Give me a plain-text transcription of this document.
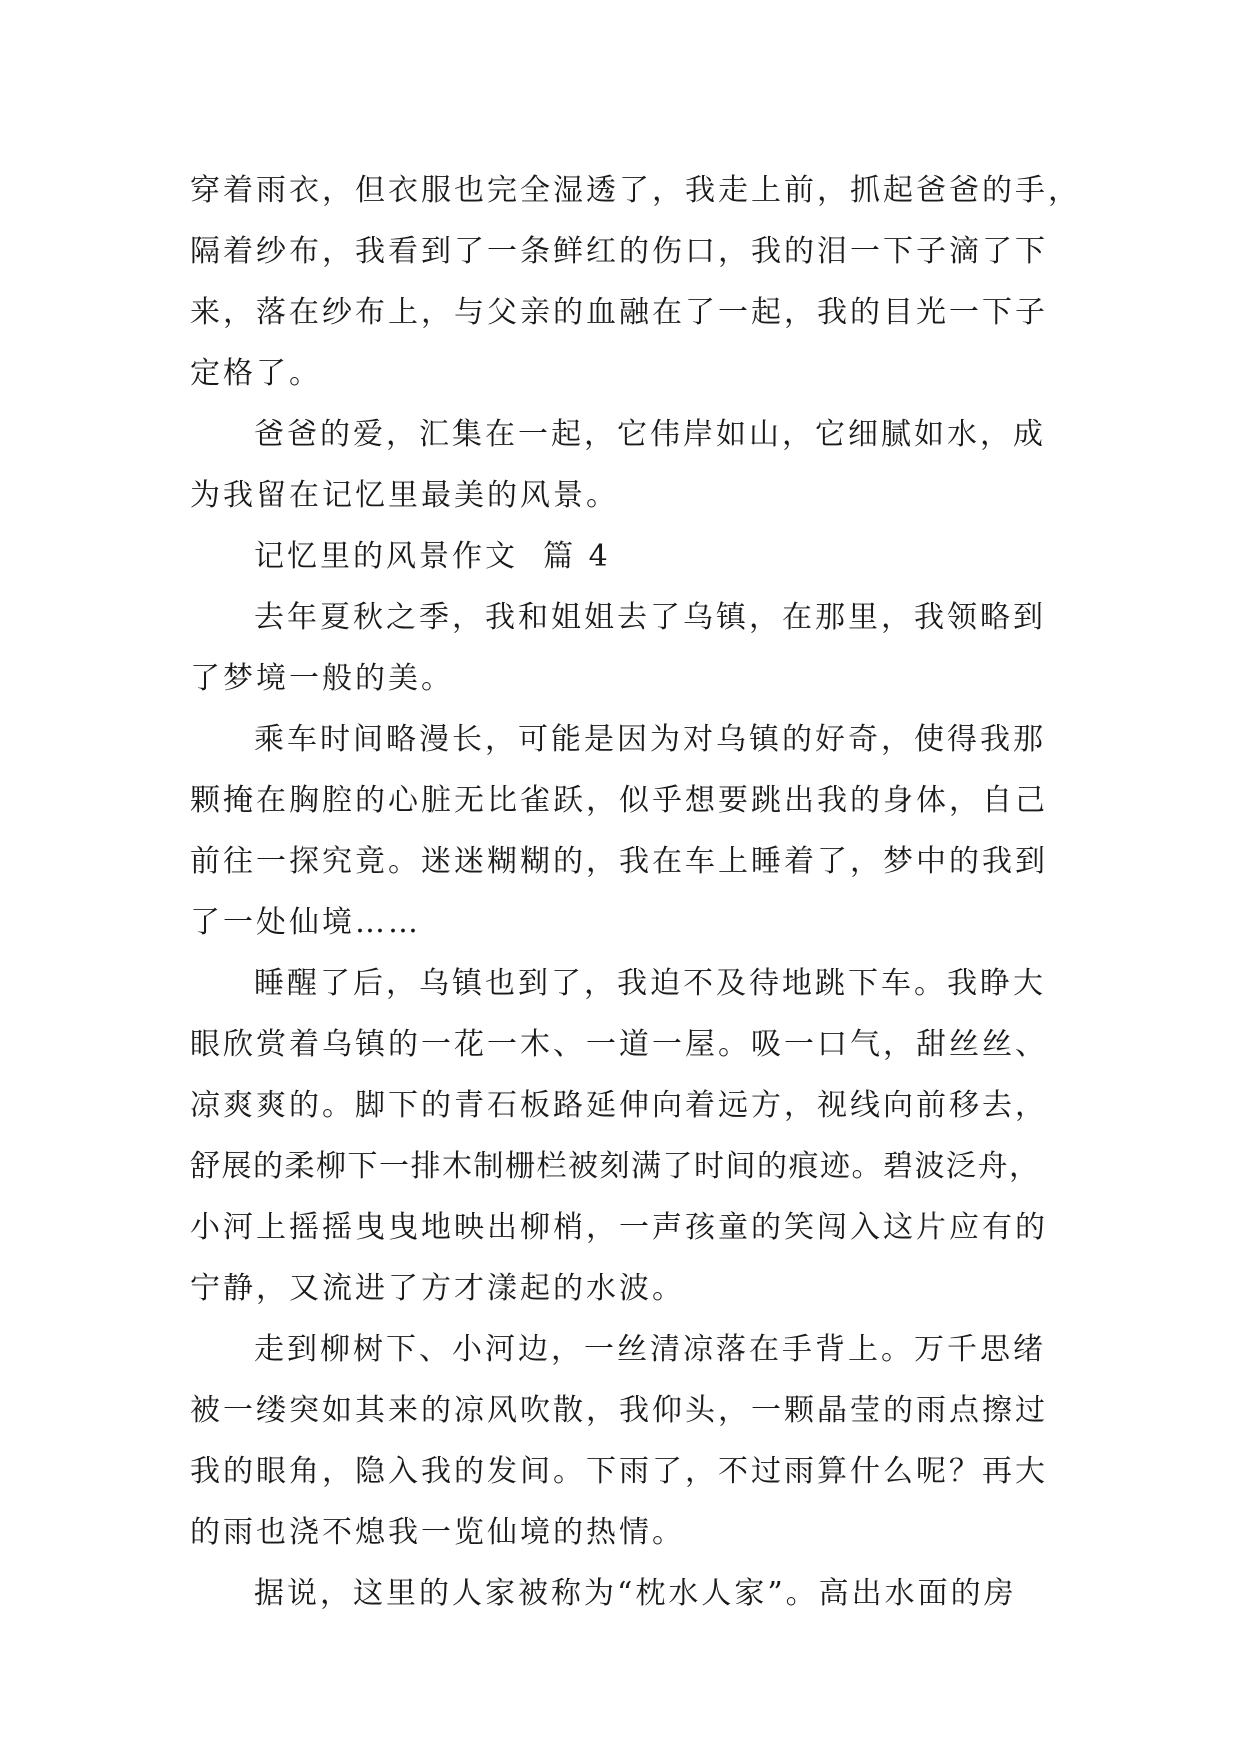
穿着雨衣，但衣服也完全湿透了，我走上前，抓起爸爸的手，
隔着纱布，我看到了一条鲜红的伤口，我的泪一下子滴了下
来，落在纱布上，与父亲的血融在了一起，我的目光一下子
定格了。
爸爸的爱，汇集在一起，它伟岸如山，它细腻如水，成
为我留在记忆里最美的风景。
记忆里的风景作文  篇 4
去年夏秋之季，我和姐姐去了乌镇，在那里，我领略到
了梦境一般的美。
乘车时间略漫长，可能是因为对乌镇的好奇，使得我那
颗掩在胸腔的心脏无比雀跃，似乎想要跳出我的身体，自己
前往一探究竟。迷迷糊糊的，我在车上睡着了，梦中的我到
了一处仙境……
睡醒了后，乌镇也到了，我迫不及待地跳下车。我睁大
眼欣赏着乌镇的一花一木、一道一屋。吸一口气，甜丝丝、
凉爽爽的。脚下的青石板路延伸向着远方，视线向前移去，
舒展的柔柳下一排木制栅栏被刻满了时间的痕迹。碧波泛舟，
小河上摇摇曳曳地映出柳梢，一声孩童的笑闯入这片应有的
宁静，又流进了方才漾起的水波。
走到柳树下、小河边，一丝清凉落在手背上。万千思绪
被一缕突如其来的凉风吹散，我仰头，一颗晶莹的雨点擦过
我的眼角，隐入我的发间。下雨了，不过雨算什么呢？再大
的雨也浇不熄我一览仙境的热情。
据说，这里的人家被称为“枕水人家”。高出水面的房
